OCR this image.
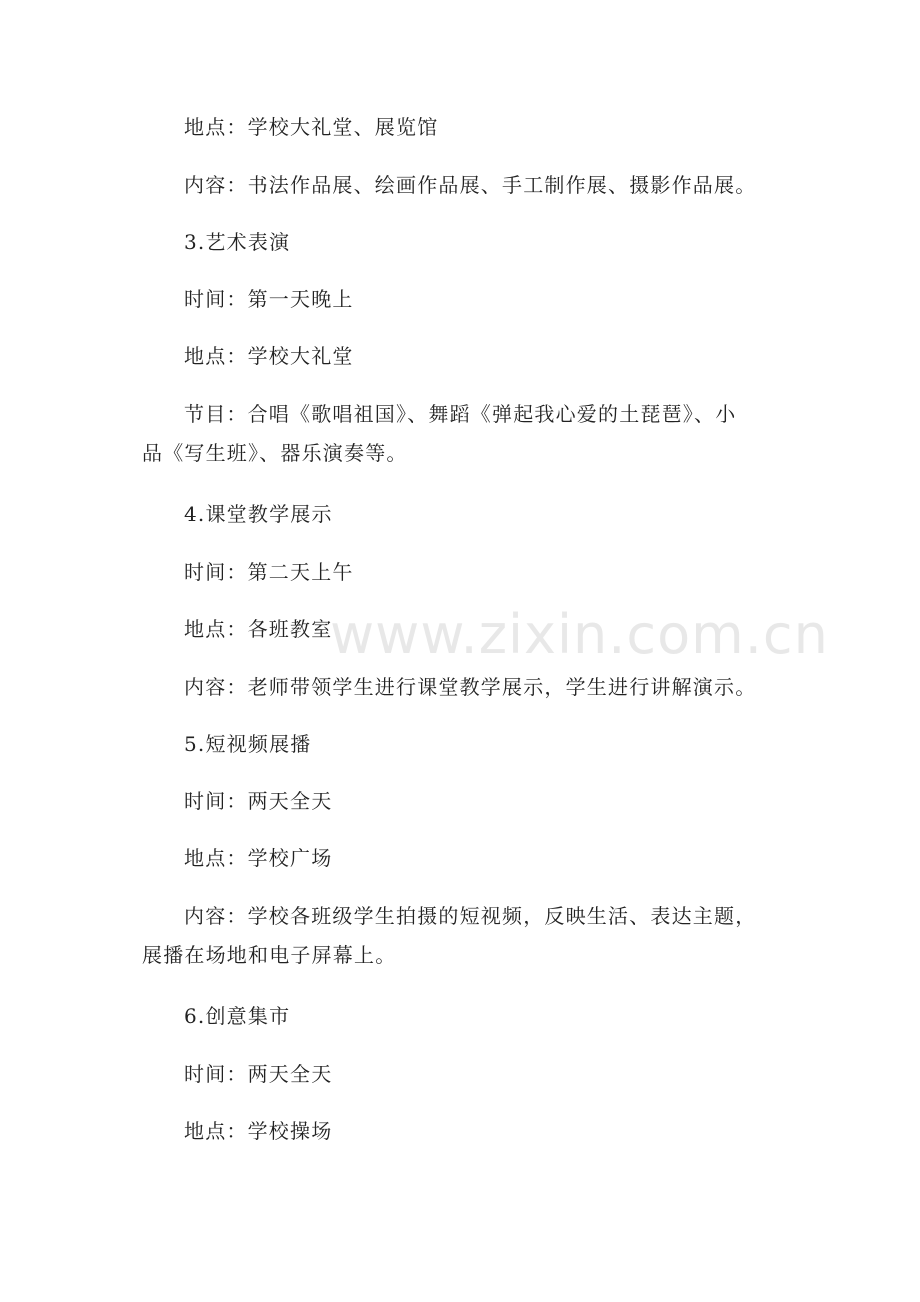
地点：学校大礼堂、展览馆
内容：书法作品展、绘画作品展、手工制作展、摄影作品展。
3.艺术表演
时间：第一天晚上
地点：学校大礼堂
节目：合唱《歌唱祖国》、舞蹈《弹起我心爱的土琵琶》、小
品《写生班》、器乐演奏等。
4.课堂教学展示
时间：第二天上午
地点：各班教室
内容：老师带领学生进行课堂教学展示，学生进行讲解演示。
5.短视频展播
时间：两天全天
地点：学校广场
内容：学校各班级学生拍摄的短视频，反映生活、表达主题，
展播在场地和电子屏幕上。
6.创意集市
时间：两天全天
地点：学校操场
www.zixin.com.cn
